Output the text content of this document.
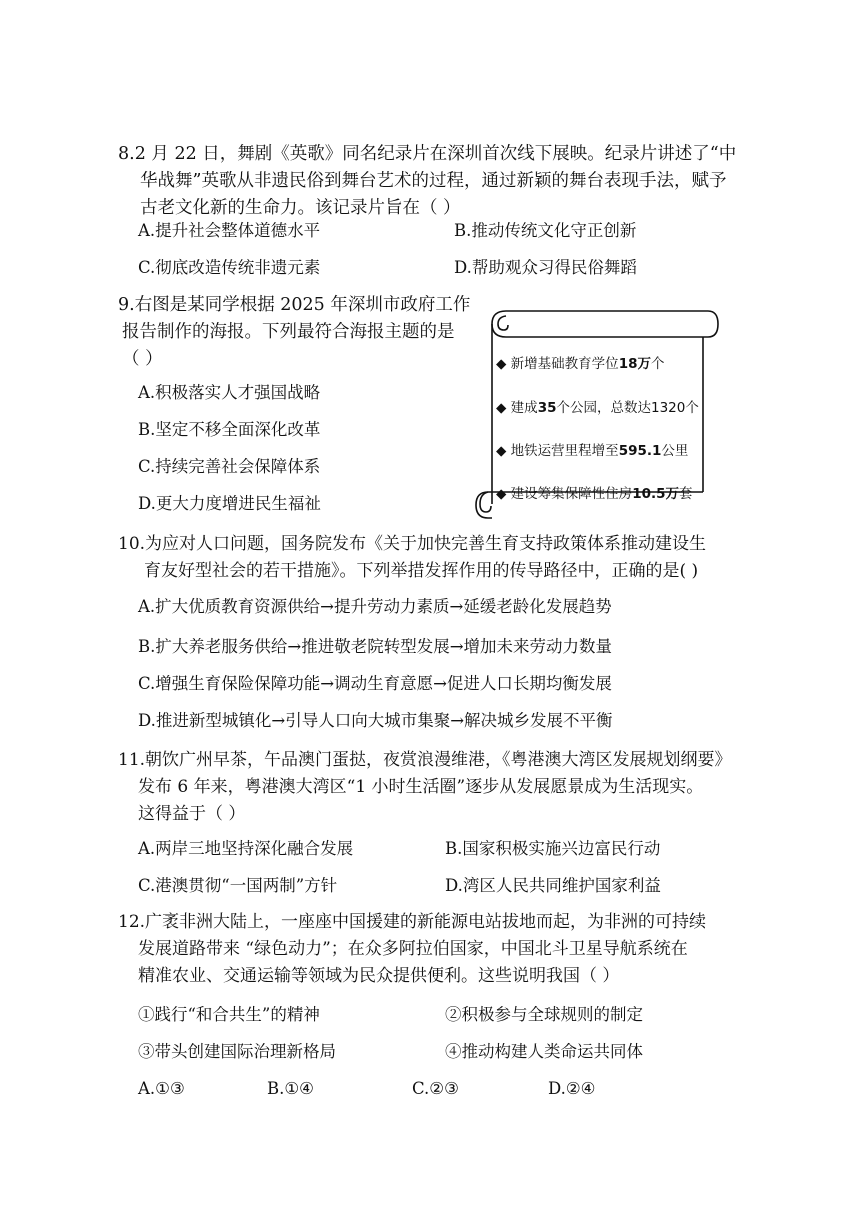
8.2 月 22 日，舞剧《英歌》同名纪录片在深圳首次线下展映。纪录片讲述了“中
华战舞”英歌从非遗民俗到舞台艺术的过程，通过新颖的舞台表现手法，赋予
古老文化新的生命力。该记录片旨在（ ）
A.提升社会整体道德水平	B.推动传统文化守正创新
C.彻底改造传统非遗元素	D.帮助观众习得民俗舞蹈
9.右图是某同学根据 2025 年深圳市政府工作
报告制作的海报。下列最符合海报主题的是
（ ）
A.积极落实人才强国战略
B.坚定不移全面深化改革
C.持续完善社会保障体系
D.更大力度增进民生福祉
◆ 新增基础教育学位18万个
◆ 建成35个公园，总数达1320个
◆ 地铁运营里程增至595.1公里
◆ 建设筹集保障性住房10.5万套
10.为应对人口问题，国务院发布《关于加快完善生育支持政策体系推动建设生
育友好型社会的若干措施》。下列举措发挥作用的传导路径中，正确的是( )
A.扩大优质教育资源供给→提升劳动力素质→延缓老龄化发展趋势
B.扩大养老服务供给→推进敬老院转型发展→增加未来劳动力数量
C.增强生育保险保障功能→调动生育意愿→促进人口长期均衡发展
D.推进新型城镇化→引导人口向大城市集聚→解决城乡发展不平衡
11.朝饮广州早茶，午品澳门蛋挞，夜赏浪漫维港，《粤港澳大湾区发展规划纲要》
发布 6 年来，粤港澳大湾区“1 小时生活圈”逐步从发展愿景成为生活现实。
这得益于（ ）
A.两岸三地坚持深化融合发展	B.国家积极实施兴边富民行动
C.港澳贯彻“一国两制”方针	D.湾区人民共同维护国家利益
12.广袤非洲大陆上，一座座中国援建的新能源电站拔地而起，为非洲的可持续
发展道路带来 “绿色动力”；在众多阿拉伯国家，中国北斗卫星导航系统在
精准农业、交通运输等领域为民众提供便利。这些说明我国（ ）
①践行“和合共生”的精神	②积极参与全球规则的制定
③带头创建国际治理新格局	④推动构建人类命运共同体
A.①③	B.①④	C.②③	D.②④
